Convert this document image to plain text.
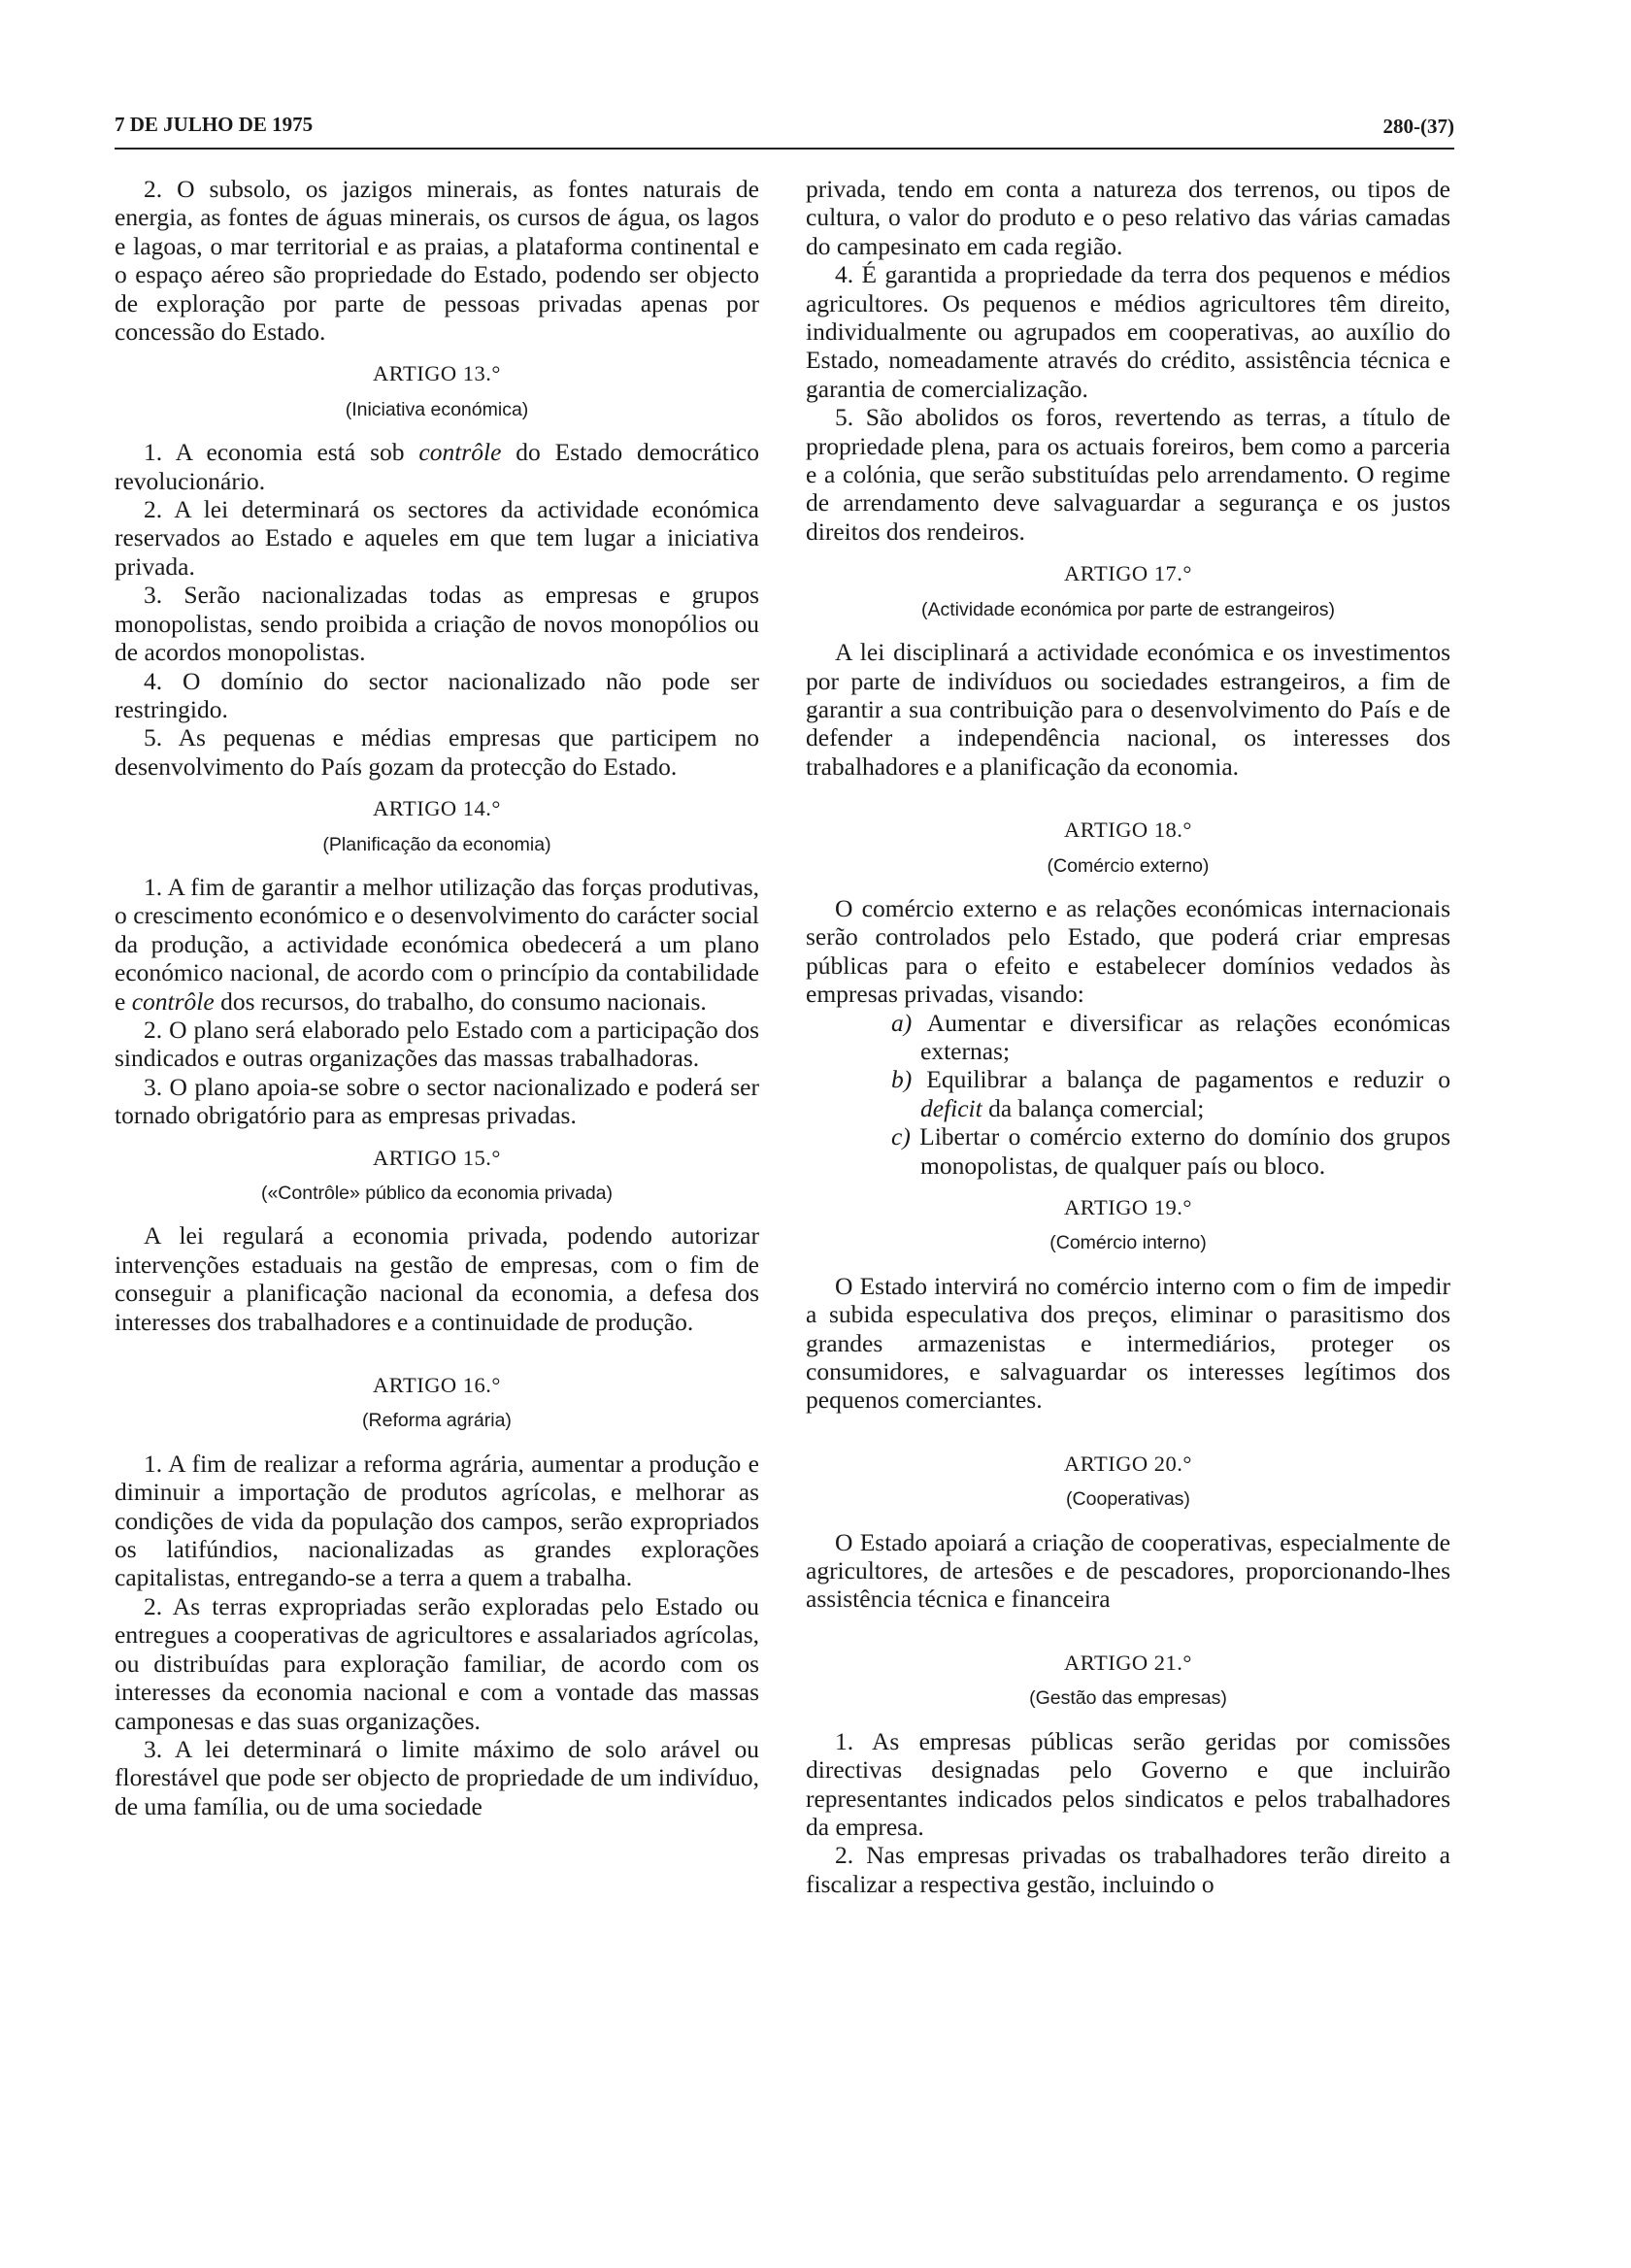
7 DE JULHO DE 1975	280-(37)

2. O subsolo, os jazigos minerais, as fontes naturais de energia, as fontes de águas minerais, os cursos de água, os lagos e lagoas, o mar territorial e as praias, a plataforma continental e o espaço aéreo são propriedade do Estado, podendo ser objecto de exploração por parte de pessoas privadas apenas por concessão do Estado.

ARTIGO 13.°
(Iniciativa económica)

1. A economia está sob contrôle do Estado democrático revolucionário.

2. A lei determinará os sectores da actividade económica reservados ao Estado e aqueles em que tem lugar a iniciativa privada.

3. Serão nacionalizadas todas as empresas e grupos monopolistas, sendo proibida a criação de novos monopólios ou de acordos monopolistas.

4. O domínio do sector nacionalizado não pode ser restringido.

5. As pequenas e médias empresas que participem no desenvolvimento do País gozam da protecção do Estado.

ARTIGO 14.°
(Planificação da economia)

1. A fim de garantir a melhor utilização das forças produtivas, o crescimento económico e o desenvolvimento do carácter social da produção, a actividade económica obedecerá a um plano económico nacional, de acordo com o princípio da contabilidade e contrôle dos recursos, do trabalho, do consumo nacionais.

2. O plano será elaborado pelo Estado com a participação dos sindicados e outras organizações das massas trabalhadoras.

3. O plano apoia-se sobre o sector nacionalizado e poderá ser tornado obrigatório para as empresas privadas.

ARTIGO 15.°
(«Contrôle» público da economia privada)

A lei regulará a economia privada, podendo autorizar intervenções estaduais na gestão de empresas, com o fim de conseguir a planificação nacional da economia, a defesa dos interesses dos trabalhadores e a continuidade de produção.

ARTIGO 16.°
(Reforma agrária)

1. A fim de realizar a reforma agrária, aumentar a produção e diminuir a importação de produtos agrícolas, e melhorar as condições de vida da população dos campos, serão expropriados os latifúndios, nacionalizadas as grandes explorações capitalistas, entregando-se a terra a quem a trabalha.

2. As terras expropriadas serão exploradas pelo Estado ou entregues a cooperativas de agricultores e assalariados agrícolas, ou distribuídas para exploração familiar, de acordo com os interesses da economia nacional e com a vontade das massas camponesas e das suas organizações.

3. A lei determinará o limite máximo de solo arável ou florestável que pode ser objecto de propriedade de um indivíduo, de uma família, ou de uma sociedade

privada, tendo em conta a natureza dos terrenos, ou tipos de cultura, o valor do produto e o peso relativo das várias camadas do campesinato em cada região.

4. É garantida a propriedade da terra dos pequenos e médios agricultores. Os pequenos e médios agricultores têm direito, individualmente ou agrupados em cooperativas, ao auxílio do Estado, nomeadamente através do crédito, assistência técnica e garantia de comercialização.

5. São abolidos os foros, revertendo as terras, a título de propriedade plena, para os actuais foreiros, bem como a parceria e a colónia, que serão substituídas pelo arrendamento. O regime de arrendamento deve salvaguardar a segurança e os justos direitos dos rendeiros.

ARTIGO 17.°
(Actividade económica por parte de estrangeiros)

A lei disciplinará a actividade económica e os investimentos por parte de indivíduos ou sociedades estrangeiros, a fim de garantir a sua contribuição para o desenvolvimento do País e de defender a independência nacional, os interesses dos trabalhadores e a planificação da economia.

ARTIGO 18.°
(Comércio externo)

O comércio externo e as relações económicas internacionais serão controlados pelo Estado, que poderá criar empresas públicas para o efeito e estabelecer domínios vedados às empresas privadas, visando:

a) Aumentar e diversificar as relações económicas externas;

b) Equilibrar a balança de pagamentos e reduzir o deficit da balança comercial;

c) Libertar o comércio externo do domínio dos grupos monopolistas, de qualquer país ou bloco.

ARTIGO 19.°
(Comércio interno)

O Estado intervirá no comércio interno com o fim de impedir a subida especulativa dos preços, eliminar o parasitismo dos grandes armazenistas e intermediários, proteger os consumidores, e salvaguardar os interesses legítimos dos pequenos comerciantes.

ARTIGO 20.°
(Cooperativas)

O Estado apoiará a criação de cooperativas, especialmente de agricultores, de artesões e de pescadores, proporcionando-lhes assistência técnica e financeira

ARTIGO 21.°
(Gestão das empresas)

1. As empresas públicas serão geridas por comissões directivas designadas pelo Governo e que incluirão representantes indicados pelos sindicatos e pelos trabalhadores da empresa.

2. Nas empresas privadas os trabalhadores terão direito a fiscalizar a respectiva gestão, incluindo o
